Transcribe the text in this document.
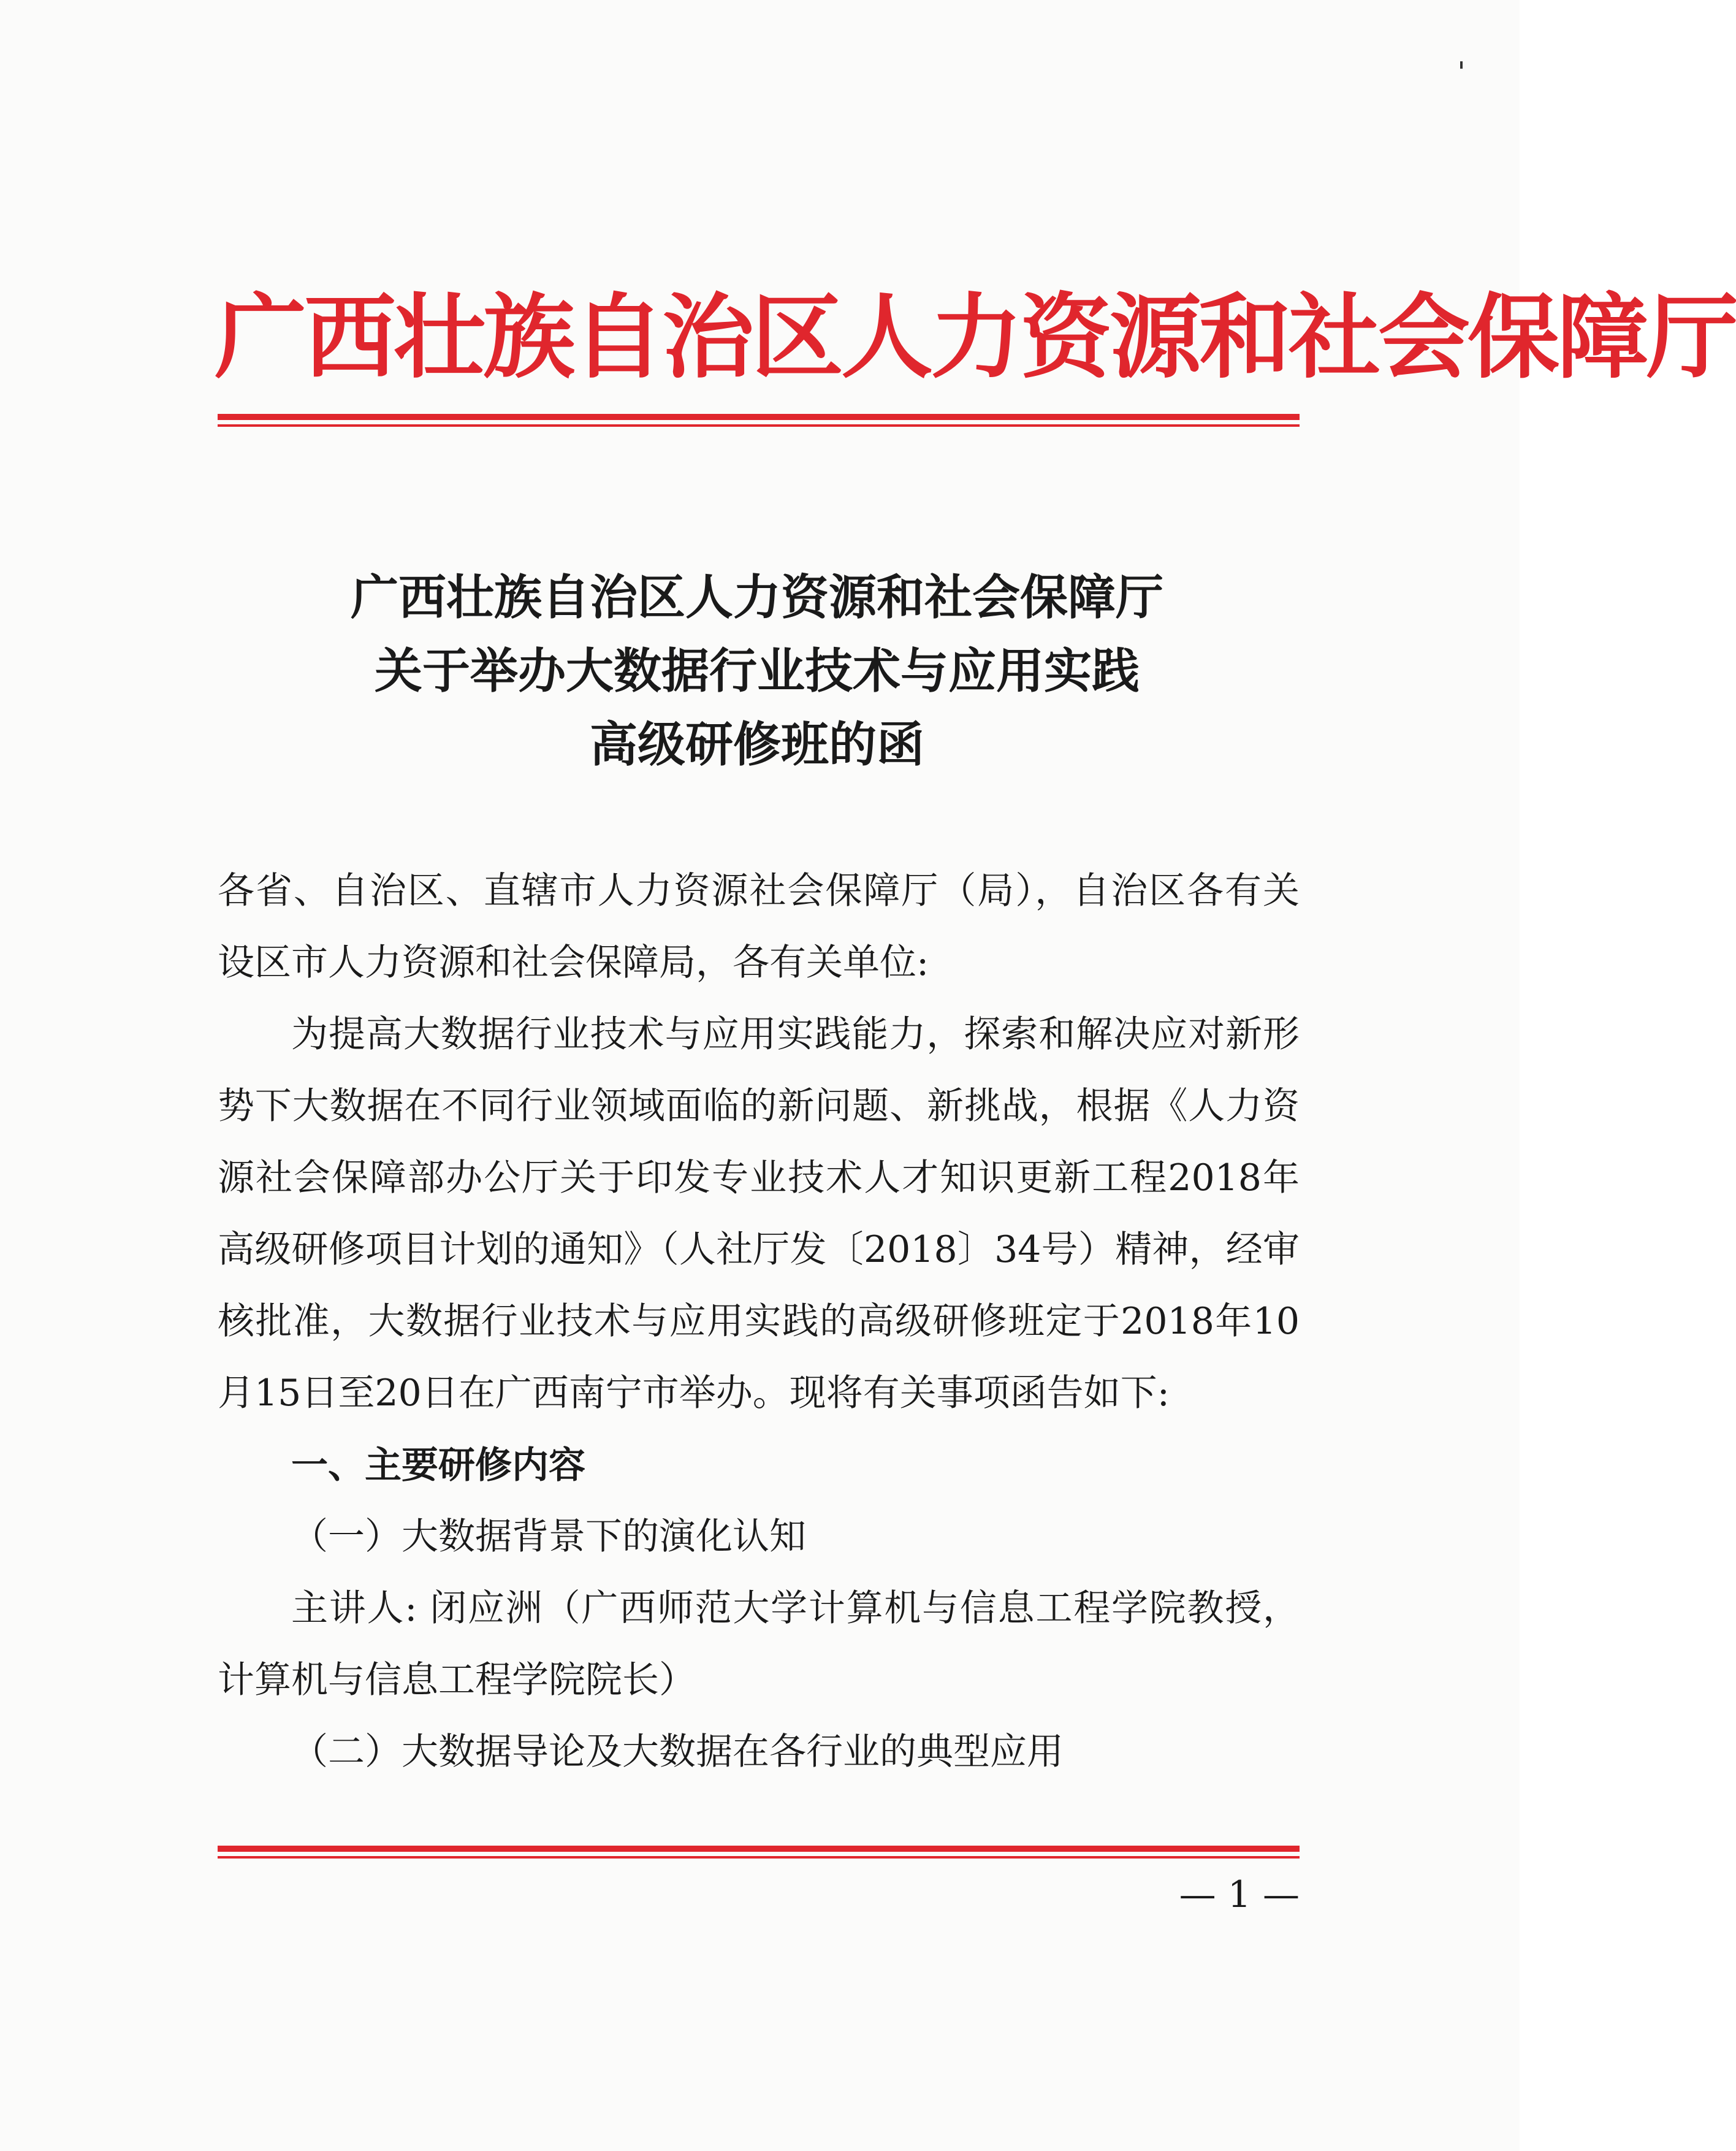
广西壮族自治区人力资源和社会保障厅
广西壮族自治区人力资源和社会保障厅
关于举办大数据行业技术与应用实践
高级研修班的函

各省、自治区、直辖市人力资源社会保障厅（局），自治区各有关设区市人力资源和社会保障局，各有关单位:

为提高大数据行业技术与应用实践能力，探索和解决应对新形势下大数据在不同行业领域面临的新问题、新挑战，根据《人力资源社会保障部办公厅关于印发专业技术人才知识更新工程2018年高级研修项目计划的通知》（人社厅发〔2018〕34号）精神，经审核批准，大数据行业技术与应用实践的高级研修班定于2018年10月15日至20日在广西南宁市举办。现将有关事项函告如下:

一、主要研修内容

（一）大数据背景下的演化认知

主讲人: 闭应洲（广西师范大学计算机与信息工程学院教授，计算机与信息工程学院院长）

（二）大数据导论及大数据在各行业的典型应用

— 1 —
